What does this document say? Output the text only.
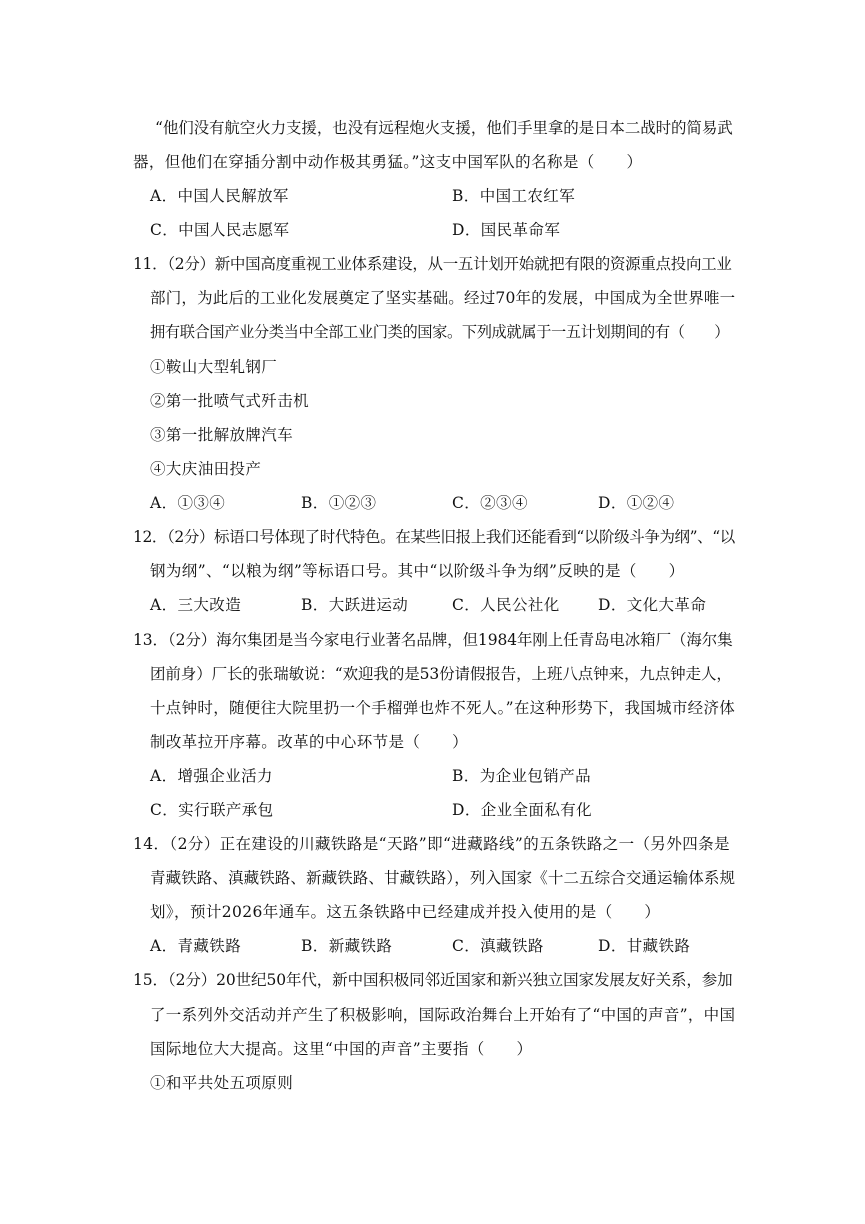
“他们没有航空火力支援，也没有远程炮火支援，他们手里拿的是日本二战时的简易武
器，但他们在穿插分割中动作极其勇猛。”这支中国军队的名称是（　　）
A．中国人民解放军	B．中国工农红军
C．中国人民志愿军	D．国民革命军
11．（2分）新中国高度重视工业体系建设，从一五计划开始就把有限的资源重点投向工业
部门，为此后的工业化发展奠定了坚实基础。经过70年的发展，中国成为全世界唯一
拥有联合国产业分类当中全部工业门类的国家。下列成就属于一五计划期间的有（　　）
①鞍山大型轧钢厂
②第一批喷气式歼击机
③第一批解放牌汽车
④大庆油田投产
A．①③④	B．①②③	C．②③④	D．①②④
12．（2分）标语口号体现了时代特色。在某些旧报上我们还能看到“以阶级斗争为纲”、“以
钢为纲”、“以粮为纲”等标语口号。其中“以阶级斗争为纲”反映的是（　　）
A．三大改造	B．大跃进运动	C．人民公社化 D．文化大革命
13．（2分）海尔集团是当今家电行业著名品牌，但1984年刚上任青岛电冰箱厂（海尔集
团前身）厂长的张瑞敏说：“欢迎我的是53份请假报告，上班八点钟来，九点钟走人，
十点钟时，随便往大院里扔一个手榴弹也炸不死人。”在这种形势下，我国城市经济体
制改革拉开序幕。改革的中心环节是（　　）
A．增强企业活力	B．为企业包销产品
C．实行联产承包	D．企业全面私有化
14．（2分）正在建设的川藏铁路是“天路”即“进藏路线”的五条铁路之一（另外四条是
青藏铁路、滇藏铁路、新藏铁路、甘藏铁路），列入国家《十二五综合交通运输体系规
划》，预计2026年通车。这五条铁路中已经建成并投入使用的是（　　）
A．青藏铁路	B．新藏铁路	C．滇藏铁路	D．甘藏铁路
15．（2分）20世纪50年代，新中国积极同邻近国家和新兴独立国家发展友好关系，参加
了一系列外交活动并产生了积极影响，国际政治舞台上开始有了“中国的声音”，中国
国际地位大大提高。这里“中国的声音”主要指（　　）
①和平共处五项原则
